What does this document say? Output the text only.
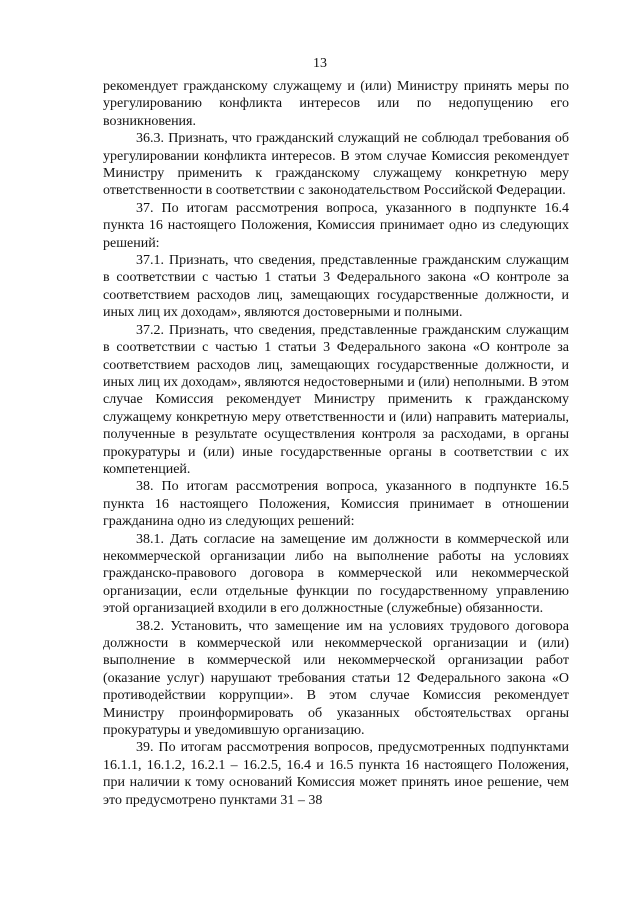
13

рекомендует гражданскому служащему и (или) Министру принять меры по урегулированию конфликта интересов или по недопущению его возникновения.

36.3. Признать, что гражданский служащий не соблюдал требования об урегулировании конфликта интересов. В этом случае Комиссия рекомендует Министру применить к гражданскому служащему конкретную меру ответственности в соответствии с законодательством Российской Федерации.

37. По итогам рассмотрения вопроса, указанного в подпункте 16.4 пункта 16 настоящего Положения, Комиссия принимает одно из следующих решений:

37.1. Признать, что сведения, представленные гражданским служащим в соответствии с частью 1 статьи 3 Федерального закона «О контроле за соответствием расходов лиц, замещающих государственные должности, и иных лиц их доходам», являются достоверными и полными.

37.2. Признать, что сведения, представленные гражданским служащим в соответствии с частью 1 статьи 3 Федерального закона «О контроле за соответствием расходов лиц, замещающих государственные должности, и иных лиц их доходам», являются недостоверными и (или) неполными. В этом случае Комиссия рекомендует Министру применить к гражданскому служащему конкретную меру ответственности и (или) направить материалы, полученные в результате осуществления контроля за расходами, в органы прокуратуры и (или) иные государственные органы в соответствии с их компетенцией.

38. По итогам рассмотрения вопроса, указанного в подпункте 16.5 пункта 16 настоящего Положения, Комиссия принимает в отношении гражданина одно из следующих решений:

38.1. Дать согласие на замещение им должности в коммерческой или некоммерческой организации либо на выполнение работы на условиях гражданско-правового договора в коммерческой или некоммерческой организации, если отдельные функции по государственному управлению этой организацией входили в его должностные (служебные) обязанности.

38.2. Установить, что замещение им на условиях трудового договора должности в коммерческой или некоммерческой организации и (или) выполнение в коммерческой или некоммерческой организации работ (оказание услуг) нарушают требования статьи 12 Федерального закона «О противодействии коррупции». В этом случае Комиссия рекомендует Министру проинформировать об указанных обстоятельствах органы прокуратуры и уведомившую организацию.

39. По итогам рассмотрения вопросов, предусмотренных подпунктами 16.1.1, 16.1.2, 16.2.1 – 16.2.5, 16.4 и 16.5 пункта 16 настоящего Положения, при наличии к тому оснований Комиссия может принять иное решение, чем это предусмотрено пунктами 31 – 38
